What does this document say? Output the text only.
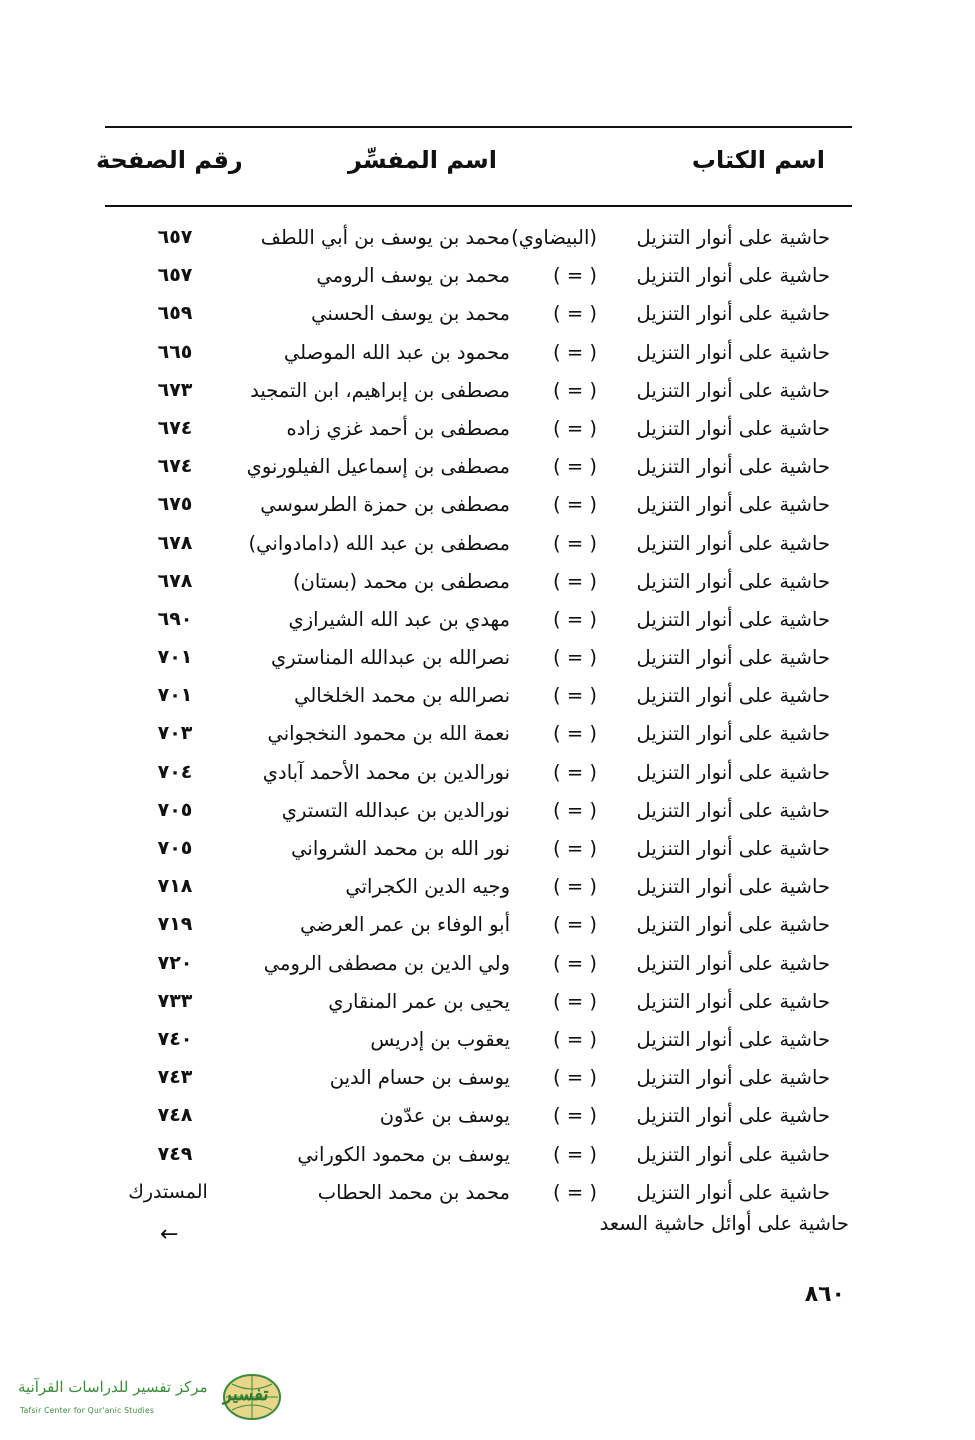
اسم الكتاب
اسم المفسِّر
رقم الصفحة
حاشية على أنوار التنزيل
(البيضاوي)
محمد بن يوسف بن أبي اللطف
٦٥٧
حاشية على أنوار التنزيل
( = )
محمد بن يوسف الرومي
٦٥٧
حاشية على أنوار التنزيل
( = )
محمد بن يوسف الحسني
٦٥٩
حاشية على أنوار التنزيل
( = )
محمود بن عبد الله الموصلي
٦٦٥
حاشية على أنوار التنزيل
( = )
مصطفى بن إبراهيم، ابن التمجيد
٦٧٣
حاشية على أنوار التنزيل
( = )
مصطفى بن أحمد غزي زاده
٦٧٤
حاشية على أنوار التنزيل
( = )
مصطفى بن إسماعيل الفيلورنوي
٦٧٤
حاشية على أنوار التنزيل
( = )
مصطفى بن حمزة الطرسوسي
٦٧٥
حاشية على أنوار التنزيل
( = )
مصطفى بن عبد الله (دامادواني)
٦٧٨
حاشية على أنوار التنزيل
( = )
مصطفى بن محمد (بستان)
٦٧٨
حاشية على أنوار التنزيل
( = )
مهدي بن عبد الله الشيرازي
٦٩٠
حاشية على أنوار التنزيل
( = )
نصرالله بن عبدالله المناستري
٧٠١
حاشية على أنوار التنزيل
( = )
نصرالله بن محمد الخلخالي
٧٠١
حاشية على أنوار التنزيل
( = )
نعمة الله بن محمود النخجواني
٧٠٣
حاشية على أنوار التنزيل
( = )
نورالدين بن محمد الأحمد آبادي
٧٠٤
حاشية على أنوار التنزيل
( = )
نورالدين بن عبدالله التستري
٧٠٥
حاشية على أنوار التنزيل
( = )
نور الله بن محمد الشرواني
٧٠٥
حاشية على أنوار التنزيل
( = )
وجيه الدين الكجراتي
٧١٨
حاشية على أنوار التنزيل
( = )
أبو الوفاء بن عمر العرضي
٧١٩
حاشية على أنوار التنزيل
( = )
ولي الدين بن مصطفى الرومي
٧٢٠
حاشية على أنوار التنزيل
( = )
يحيى بن عمر المنقاري
٧٣٣
حاشية على أنوار التنزيل
( = )
يعقوب بن إدريس
٧٤٠
حاشية على أنوار التنزيل
( = )
يوسف بن حسام الدين
٧٤٣
حاشية على أنوار التنزيل
( = )
يوسف بن عدّون
٧٤٨
حاشية على أنوار التنزيل
( = )
يوسف بن محمود الكوراني
٧٤٩
حاشية على أنوار التنزيل
( = )
محمد بن محمد الحطاب
المستدرك
حاشية على أوائل حاشية السعد
←
٨٦٠
مركز تفسير للدراسات القرآنية
Tafsir Center for Qur'anic Studies
تفسير
